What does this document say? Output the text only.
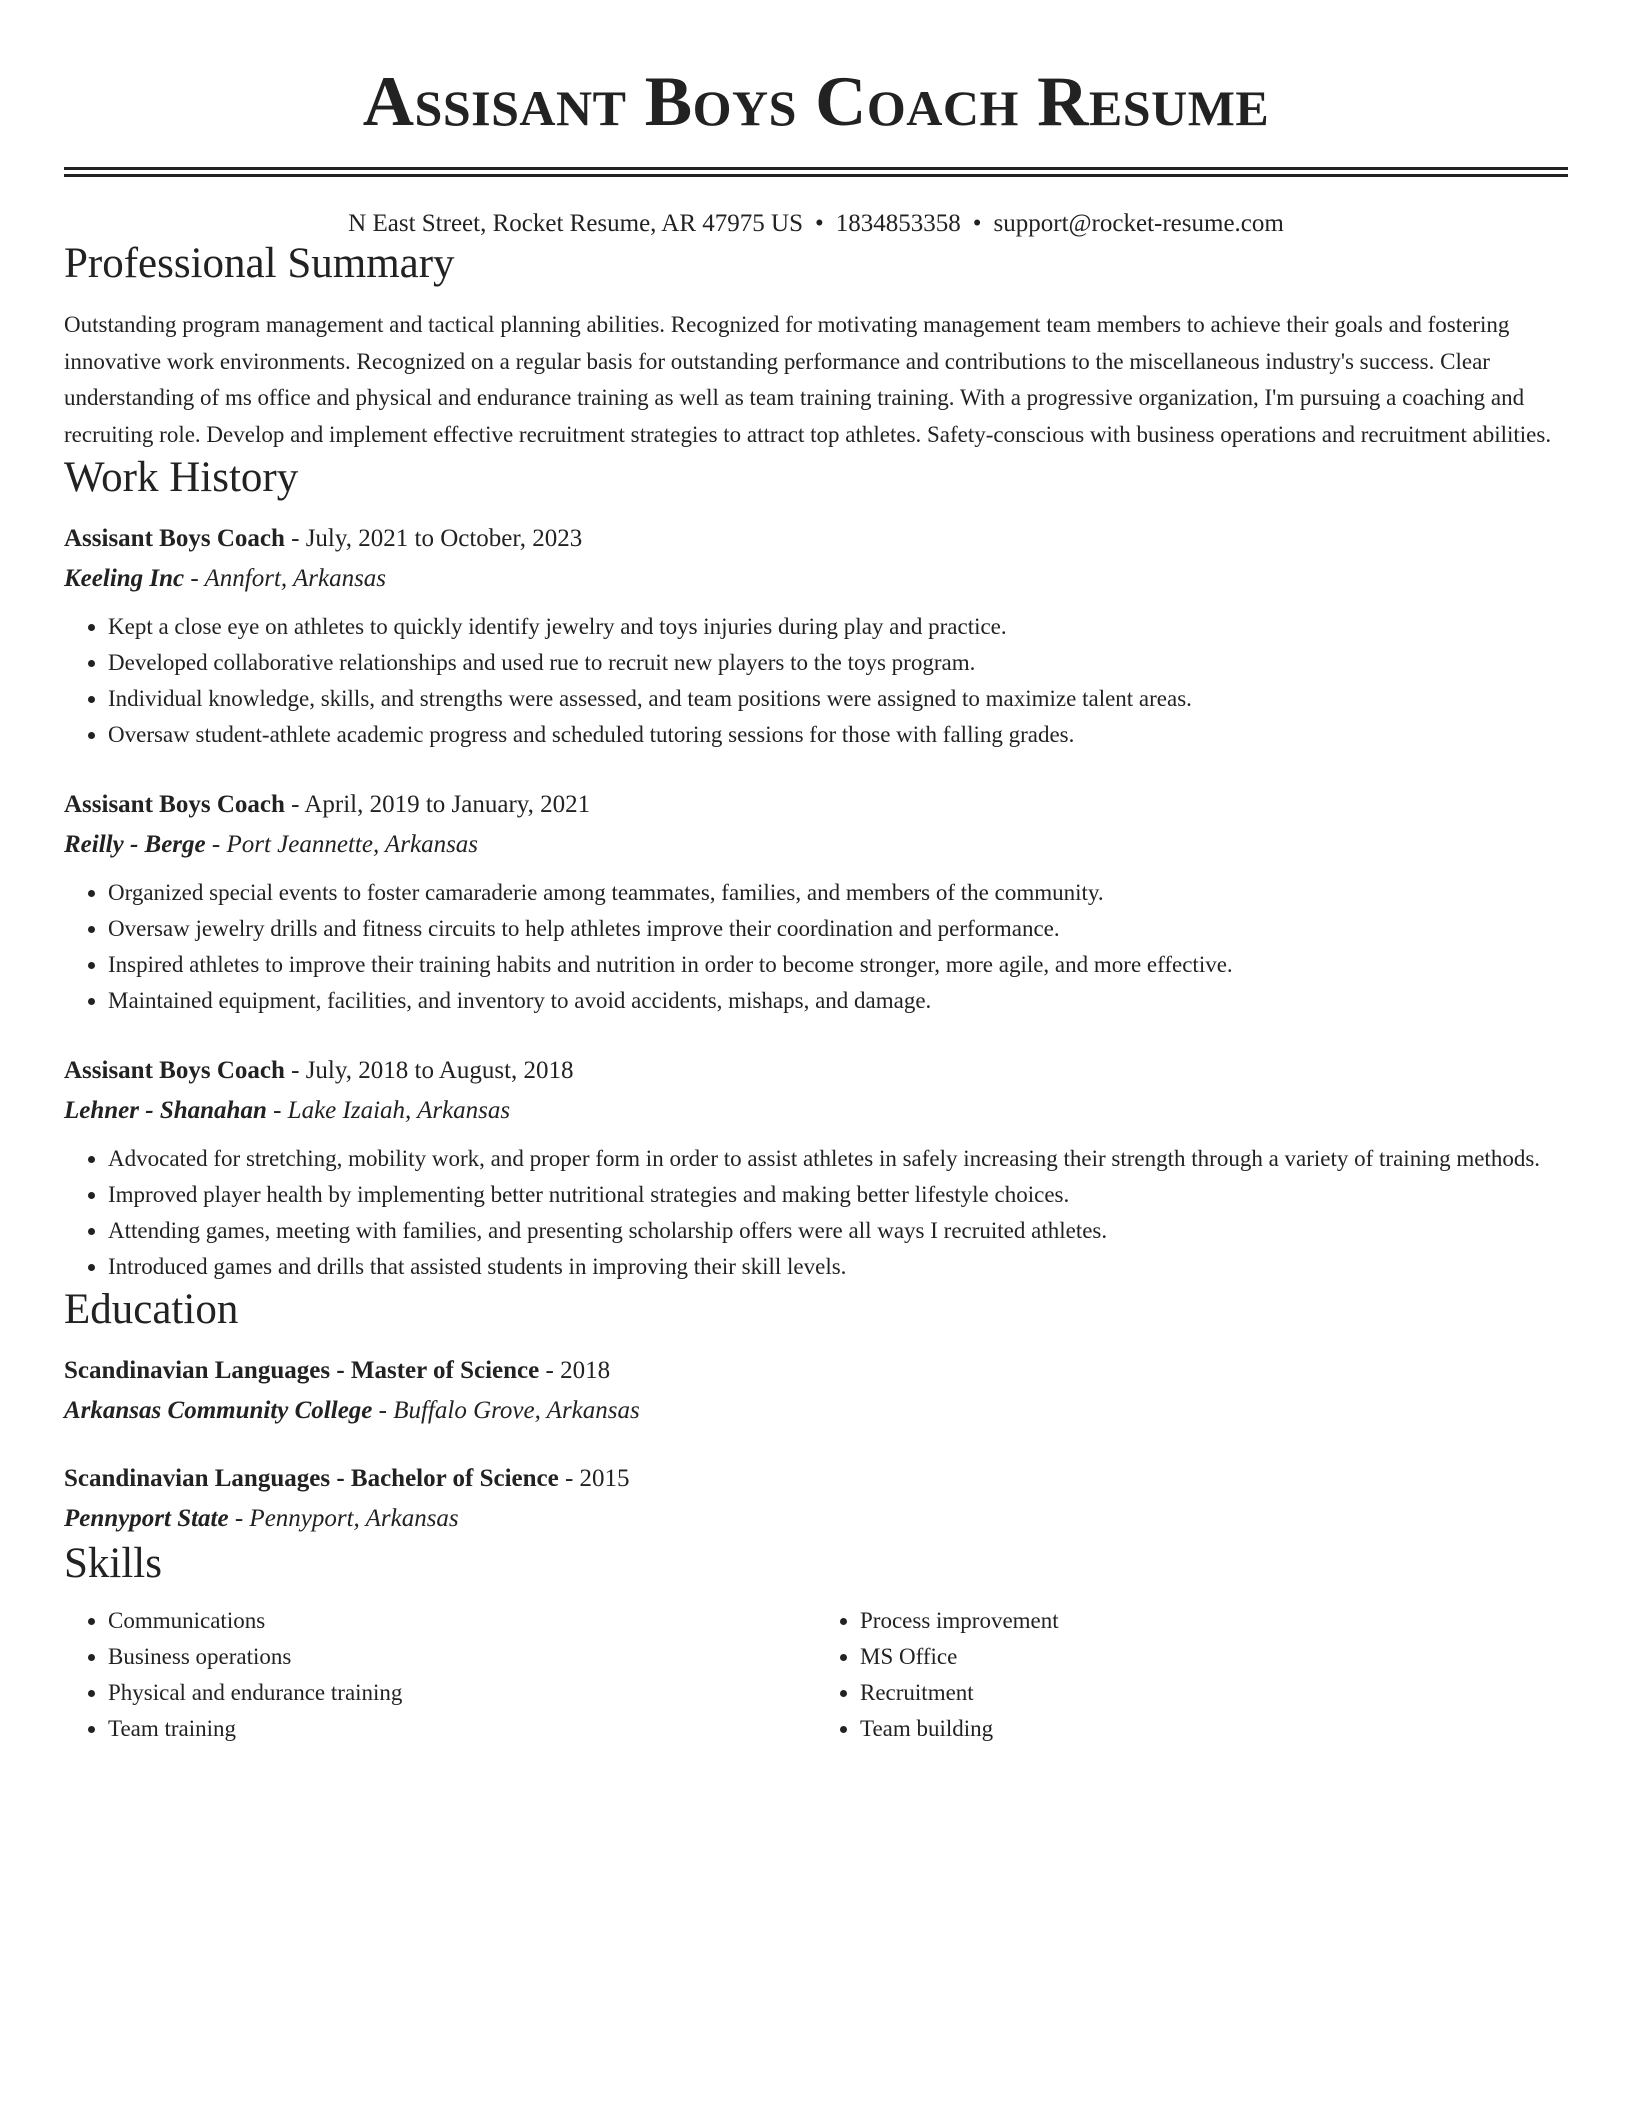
Assisant Boys Coach Resume
N East Street, Rocket Resume, AR 47975 US • 1834853358 • support@rocket-resume.com
Professional Summary

Outstanding program management and tactical planning abilities. Recognized for motivating management team members to achieve their goals and fostering innovative work environments. Recognized on a regular basis for outstanding performance and contributions to the miscellaneous industry's success. Clear understanding of ms office and physical and endurance training as well as team training training. With a progressive organization, I'm pursuing a coaching and recruiting role. Develop and implement effective recruitment strategies to attract top athletes. Safety-conscious with business operations and recruitment abilities.

Work History
Assisant Boys Coach - July, 2021 to October, 2023
Keeling Inc - Annfort, Arkansas
• Kept a close eye on athletes to quickly identify jewelry and toys injuries during play and practice.
• Developed collaborative relationships and used rue to recruit new players to the toys program.
• Individual knowledge, skills, and strengths were assessed, and team positions were assigned to maximize talent areas.
• Oversaw student-athlete academic progress and scheduled tutoring sessions for those with falling grades.
Assisant Boys Coach - April, 2019 to January, 2021
Reilly - Berge - Port Jeannette, Arkansas
• Organized special events to foster camaraderie among teammates, families, and members of the community.
• Oversaw jewelry drills and fitness circuits to help athletes improve their coordination and performance.
• Inspired athletes to improve their training habits and nutrition in order to become stronger, more agile, and more effective.
• Maintained equipment, facilities, and inventory to avoid accidents, mishaps, and damage.
Assisant Boys Coach - July, 2018 to August, 2018
Lehner - Shanahan - Lake Izaiah, Arkansas
• Advocated for stretching, mobility work, and proper form in order to assist athletes in safely increasing their strength through a variety of training methods.
• Improved player health by implementing better nutritional strategies and making better lifestyle choices.
• Attending games, meeting with families, and presenting scholarship offers were all ways I recruited athletes.
• Introduced games and drills that assisted students in improving their skill levels.
Education
Scandinavian Languages - Master of Science - 2018
Arkansas Community College - Buffalo Grove, Arkansas
Scandinavian Languages - Bachelor of Science - 2015
Pennyport State - Pennyport, Arkansas
Skills
• Communications
• Business operations
• Physical and endurance training
• Team training
• Process improvement
• MS Office
• Recruitment
• Team building
